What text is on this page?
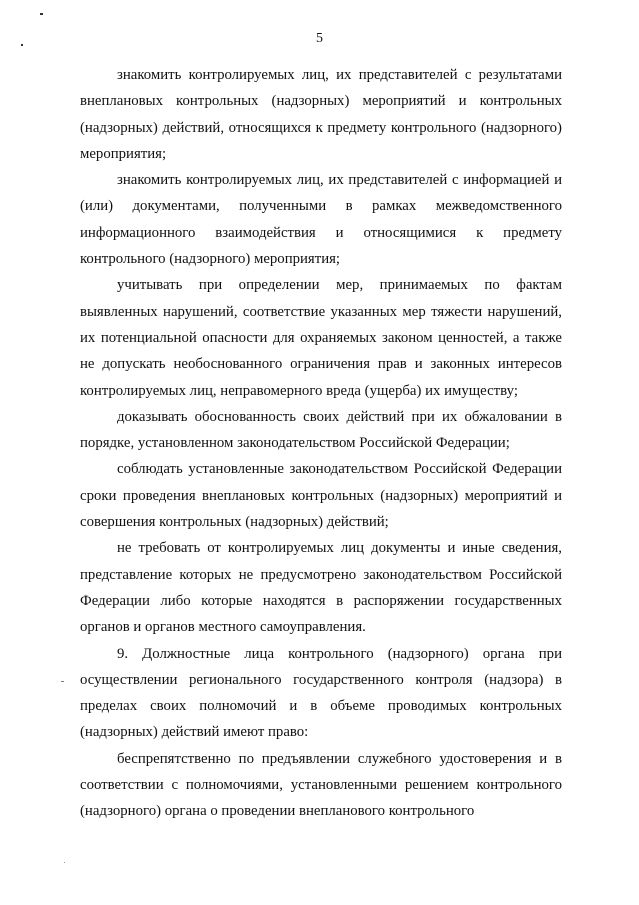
5

знакомить контролируемых лиц, их представителей с результатами внеплановых контрольных (надзорных) мероприятий и контрольных (надзорных) действий, относящихся к предмету контрольного (надзорного) мероприятия;

знакомить контролируемых лиц, их представителей с информацией и (или) документами, полученными в рамках межведомственного информационного взаимодействия и относящимися к предмету контрольного (надзорного) мероприятия;

учитывать при определении мер, принимаемых по фактам выявленных нарушений, соответствие указанных мер тяжести нарушений, их потенциальной опасности для охраняемых законом ценностей, а также не допускать необоснованного ограничения прав и законных интересов контролируемых лиц, неправомерного вреда (ущерба) их имуществу;

доказывать обоснованность своих действий при их обжаловании в порядке, установленном законодательством Российской Федерации;

соблюдать установленные законодательством Российской Федерации сроки проведения внеплановых контрольных (надзорных) мероприятий и совершения контрольных (надзорных) действий;

не требовать от контролируемых лиц документы и иные сведения, представление которых не предусмотрено законодательством Российской Федерации либо которые находятся в распоряжении государственных органов и органов местного самоуправления.

9. Должностные лица контрольного (надзорного) органа при осуществлении регионального государственного контроля (надзора) в пределах своих полномочий и в объеме проводимых контрольных (надзорных) действий имеют право:

беспрепятственно по предъявлении служебного удостоверения и в соответствии с полномочиями, установленными решением контрольного (надзорного) органа о проведении внепланового контрольного
